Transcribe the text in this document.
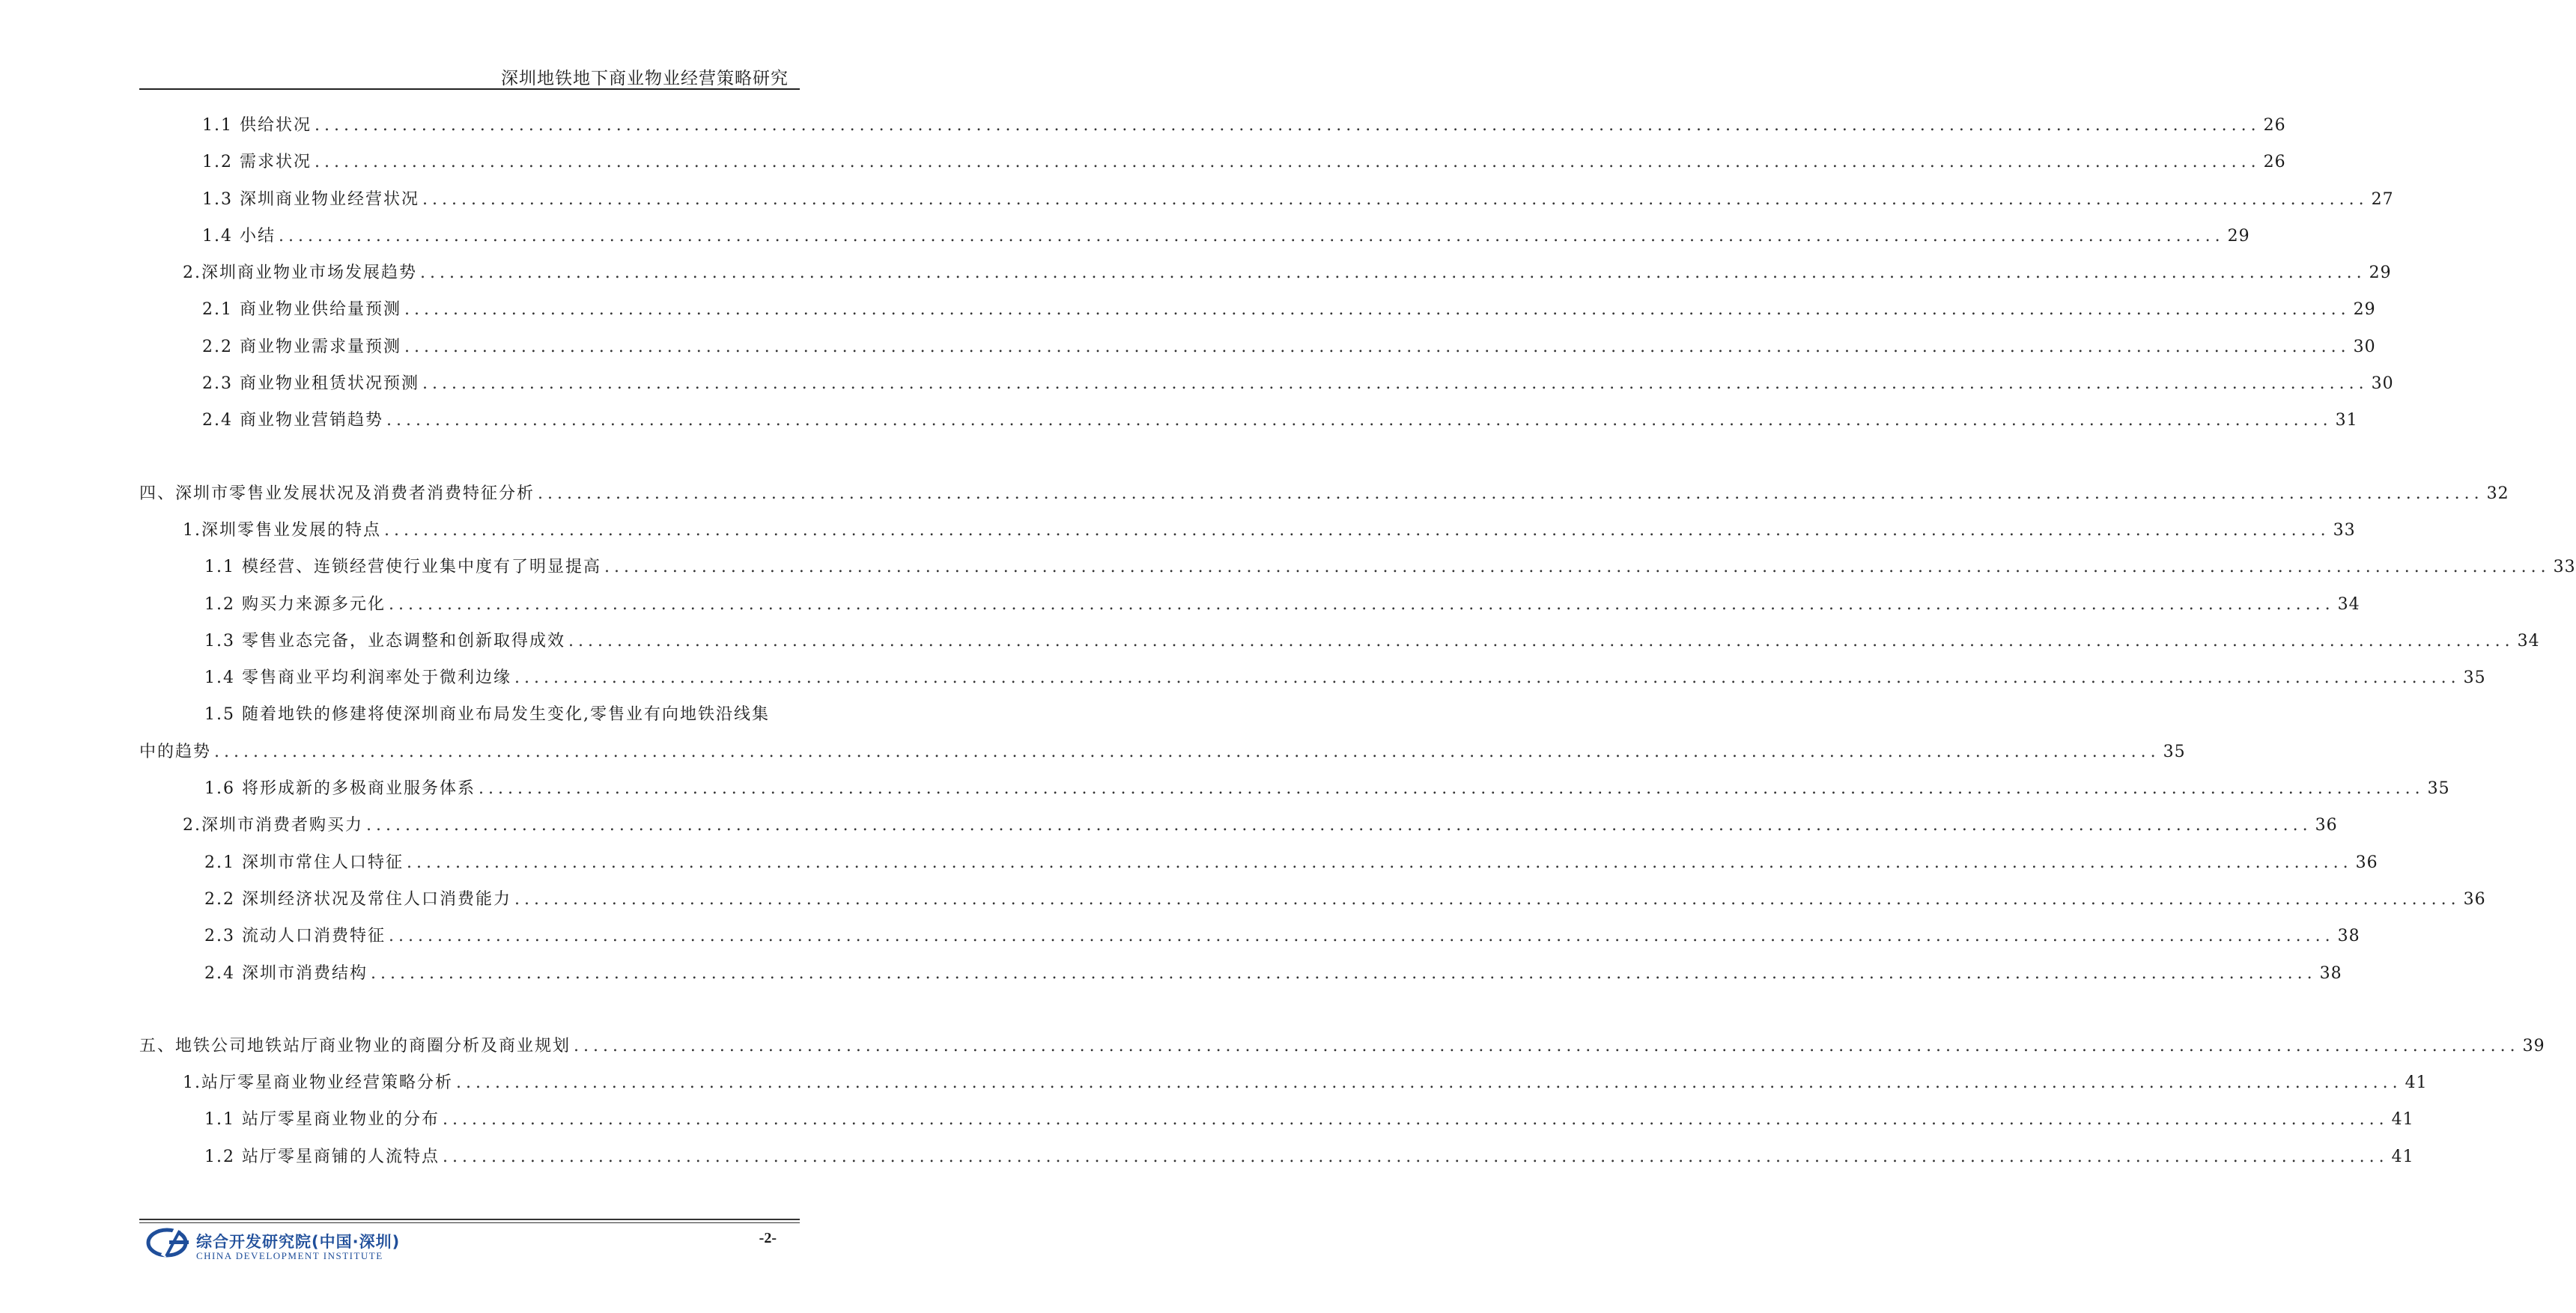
深圳地铁地下商业物业经营策略研究
1.1 供给状况 ........................................................................................................................................................................................................ 26
1.2 需求状况 ........................................................................................................................................................................................................ 26
1.3 深圳商业物业经营状况 ........................................................................................................................................................................................................ 27
1.4 小结 ........................................................................................................................................................................................................ 29
2.深圳商业物业市场发展趋势 ........................................................................................................................................................................................................ 29
2.1 商业物业供给量预测 ........................................................................................................................................................................................................ 29
2.2 商业物业需求量预测 ........................................................................................................................................................................................................ 30
2.3 商业物业租赁状况预测 ........................................................................................................................................................................................................ 30
2.4 商业物业营销趋势 ........................................................................................................................................................................................................ 31
四、深圳市零售业发展状况及消费者消费特征分析 ........................................................................................................................................................................................................ 32
1.深圳零售业发展的特点 ........................................................................................................................................................................................................ 33
1.1 模经营、连锁经营使行业集中度有了明显提高 ........................................................................................................................................................................................................ 33
1.2 购买力来源多元化 ........................................................................................................................................................................................................ 34
1.3 零售业态完备，业态调整和创新取得成效 ........................................................................................................................................................................................................ 34
1.4 零售商业平均利润率处于微利边缘 ........................................................................................................................................................................................................ 35
1.5 随着地铁的修建将使深圳商业布局发生变化,零售业有向地铁沿线集
中的趋势 ........................................................................................................................................................................................................ 35
1.6 将形成新的多极商业服务体系 ........................................................................................................................................................................................................ 35
2.深圳市消费者购买力 ........................................................................................................................................................................................................ 36
2.1 深圳市常住人口特征 ........................................................................................................................................................................................................ 36
2.2 深圳经济状况及常住人口消费能力 ........................................................................................................................................................................................................ 36
2.3 流动人口消费特征 ........................................................................................................................................................................................................ 38
2.4 深圳市消费结构 ........................................................................................................................................................................................................ 38
五、地铁公司地铁站厅商业物业的商圈分析及商业规划 ........................................................................................................................................................................................................ 39
1.站厅零星商业物业经营策略分析 ........................................................................................................................................................................................................ 41
1.1 站厅零星商业物业的分布 ........................................................................................................................................................................................................ 41
1.2 站厅零星商铺的人流特点 ........................................................................................................................................................................................................ 41
综合开发研究院(中国·深圳)
CHINA DEVELOPMENT INSTITUTE
-2-
